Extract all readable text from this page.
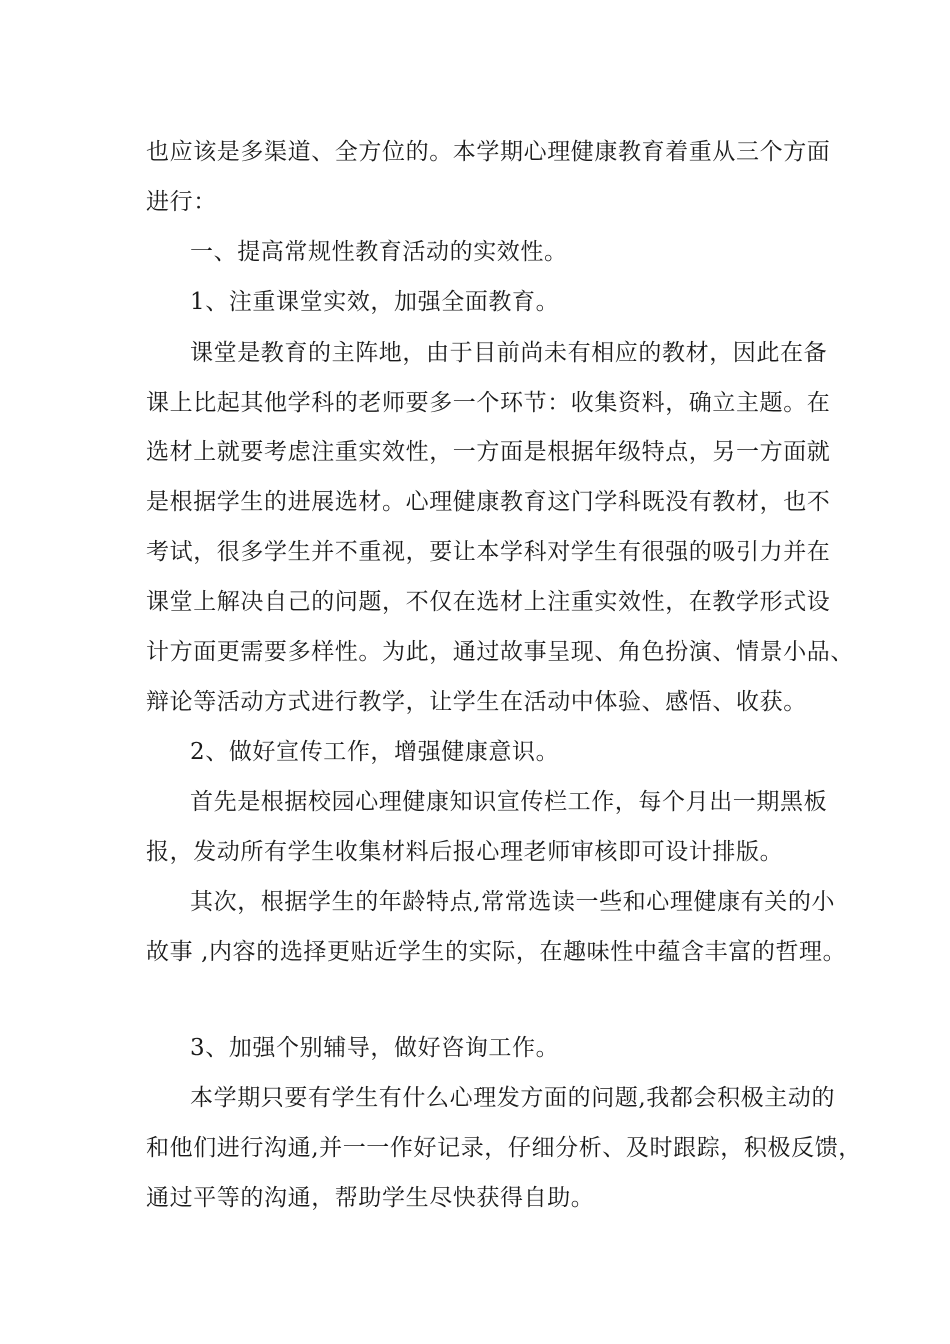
也应该是多渠道、全方位的。本学期心理健康教育着重从三个方面
进行：
一、提高常规性教育活动的实效性。
1、注重课堂实效，加强全面教育。
课堂是教育的主阵地，由于目前尚未有相应的教材，因此在备
课上比起其他学科的老师要多一个环节：收集资料，确立主题。在
选材上就要考虑注重实效性，一方面是根据年级特点，另一方面就
是根据学生的进展选材。心理健康教育这门学科既没有教材，也不
考试，很多学生并不重视，要让本学科对学生有很强的吸引力并在
课堂上解决自己的问题，不仅在选材上注重实效性，在教学形式设
计方面更需要多样性。为此，通过故事呈现、角色扮演、情景小品、
辩论等活动方式进行教学，让学生在活动中体验、感悟、收获。
2、做好宣传工作，增强健康意识。
首先是根据校园心理健康知识宣传栏工作，每个月出一期黑板
报，发动所有学生收集材料后报心理老师审核即可设计排版。
其次，根据学生的年龄特点,常常选读一些和心理健康有关的小
故事 ,内容的选择更贴近学生的实际，在趣味性中蕴含丰富的哲理。
3、加强个别辅导，做好咨询工作。
本学期只要有学生有什么心理发方面的问题,我都会积极主动的
和他们进行沟通,并一一作好记录，仔细分析、及时跟踪，积极反馈，
通过平等的沟通，帮助学生尽快获得自助。
